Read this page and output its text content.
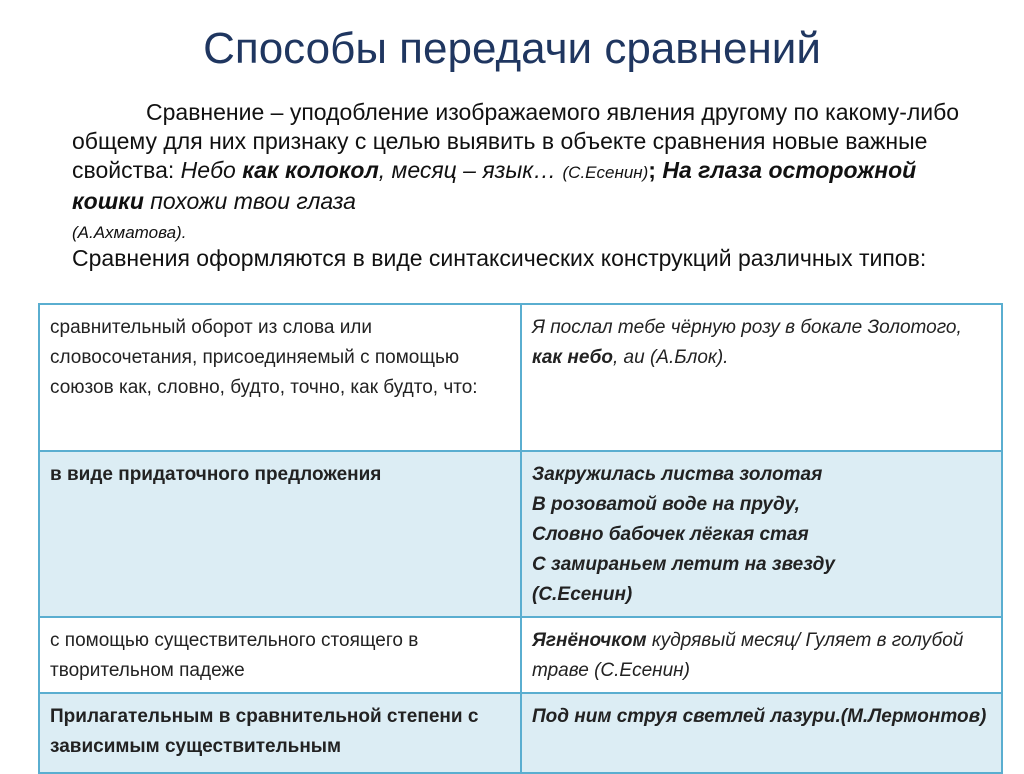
Способы передачи сравнений
Сравнение – уподобление изображаемого явления другому по какому-либо общему для них признаку с целью выявить в объекте сравнения новые важные свойства: Небо как колокол, месяц – язык… (С.Есенин); На глаза осторожной кошки похожи твои глаза
(А.Ахматова).
Сравнения оформляются в виде синтаксических конструкций различных типов:
сравнительный оборот из слова или словосочетания, присоединяемый с помощью союзов как, словно, будто, точно, как будто, что:	Я послал тебе чёрную розу в бокале Золотого, как небо, аи (А.Блок).
в виде придаточного предложения	Закружилась листва золотая
В розоватой воде на пруду,
Словно бабочек лёгкая стая
С замираньем летит на звезду
(С.Есенин)

с помощью существительного стоящего в творительном падеже	Ягнёночком кудрявый месяц/ Гуляет в голубой траве (С.Есенин)
Прилагательным в сравнительной степени с зависимым существительным	Под ним струя светлей лазури.(М.Лермонтов)
